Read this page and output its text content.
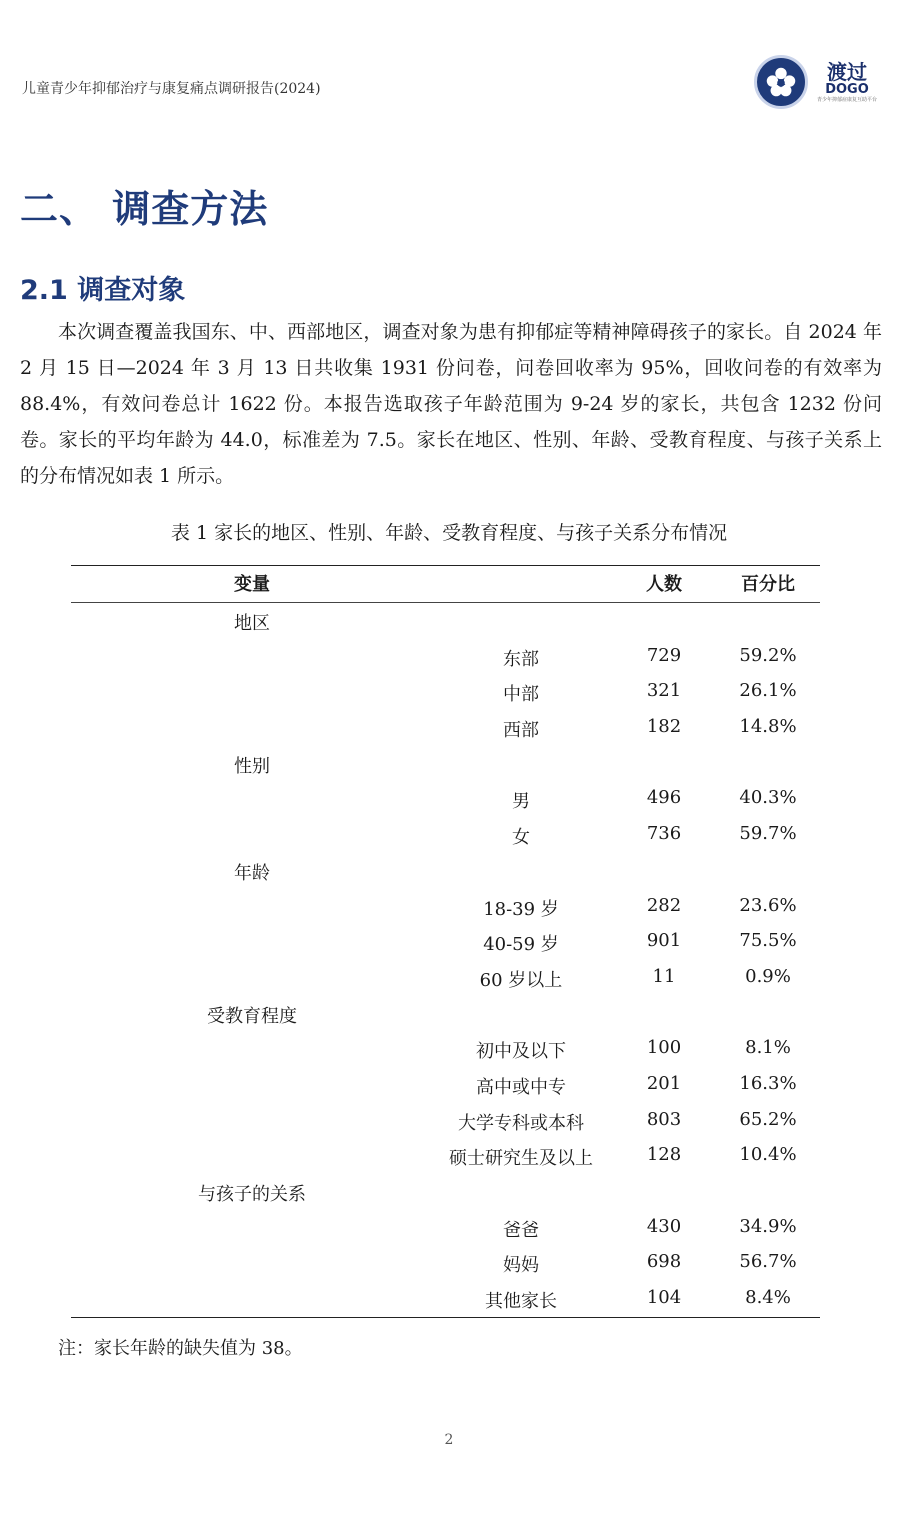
儿童青少年抑郁治疗与康复痛点调研报告(2024)
渡过
DOGO
青少年抑郁症康复互助平台
二、 调查方法
2.1 调查对象
本次调查覆盖我国东、中、西部地区，调查对象为患有抑郁症等精神障碍孩子的家长。自 2024 年 2 月 15 日—2024 年 3 月 13 日共收集 1931 份问卷，问卷回收率为 95%，回收问卷的有效率为 88.4%，有效问卷总计 1622 份。本报告选取孩子年龄范围为 9-24 岁的家长，共包含 1232 份问卷。家长的平均年龄为 44.0，标准差为 7.5。家长在地区、性别、年龄、受教育程度、与孩子关系上的分布情况如表 1 所示。
表 1 家长的地区、性别、年龄、受教育程度、与孩子关系分布情况
变量	人数	百分比
地区
东部	729	59.2%
中部	321	26.1%
西部	182	14.8%
性别
男	496	40.3%
女	736	59.7%
年龄
18-39 岁	282	23.6%
40-59 岁	901	75.5%
60 岁以上	11	0.9%
受教育程度
初中及以下	100	8.1%
高中或中专	201	16.3%
大学专科或本科	803	65.2%
硕士研究生及以上	128	10.4%
与孩子的关系
爸爸	430	34.9%
妈妈	698	56.7%
其他家长	104	8.4%
注：家长年龄的缺失值为 38。
2
